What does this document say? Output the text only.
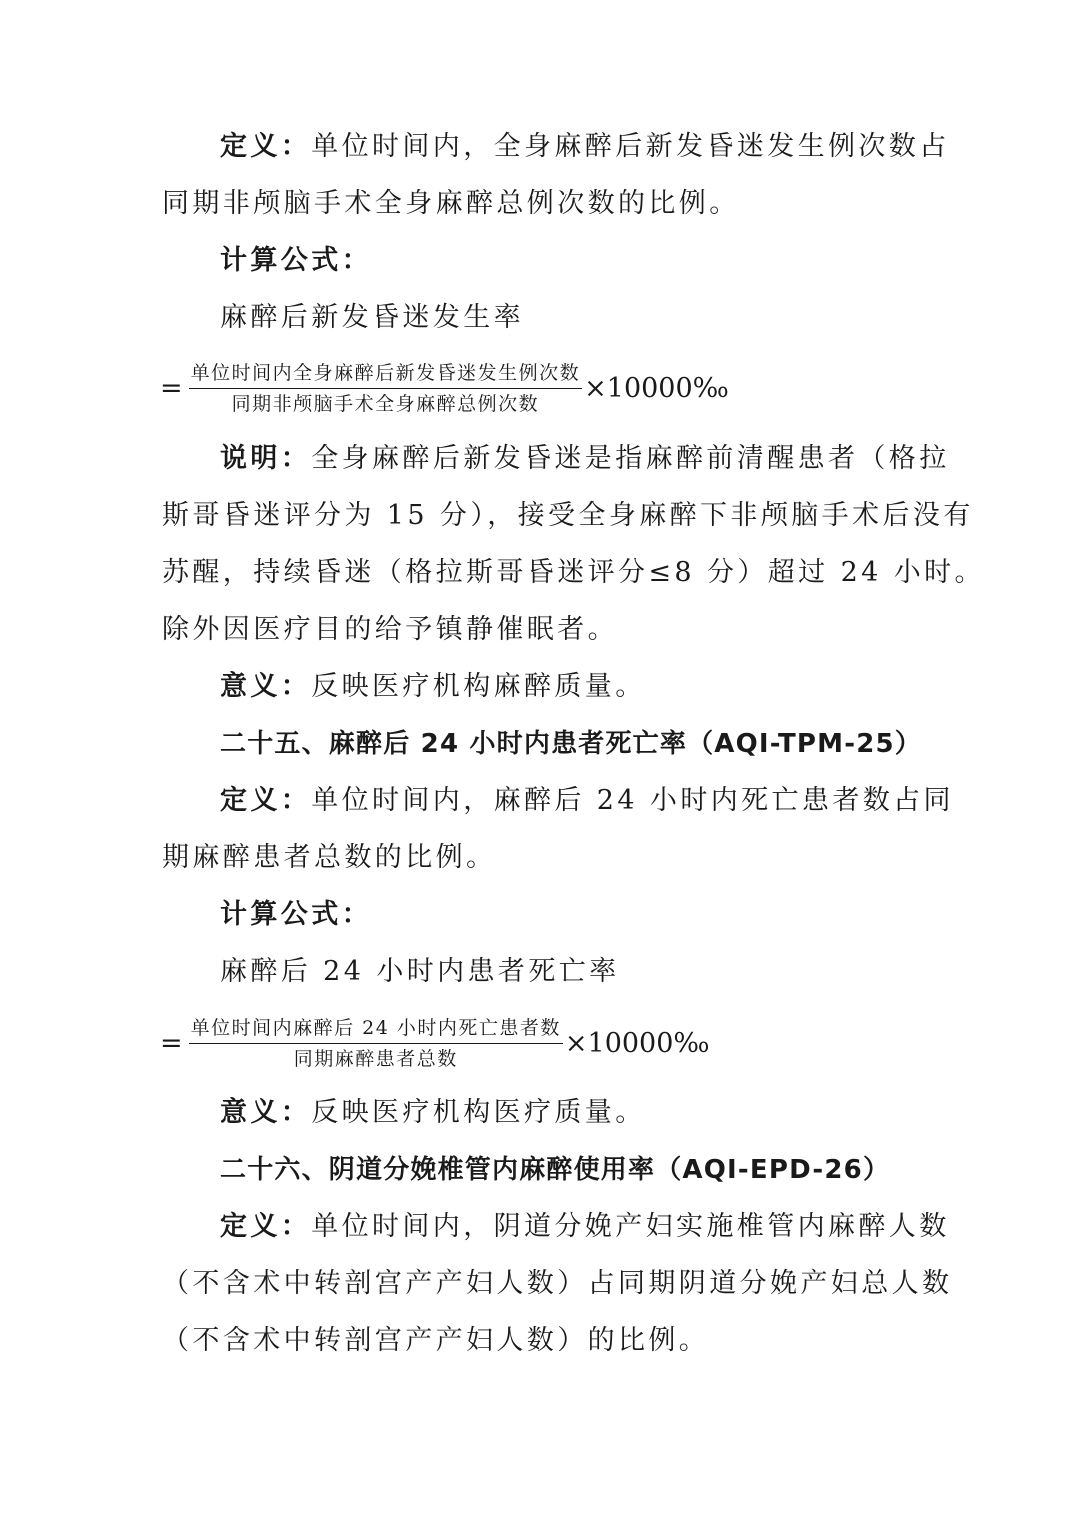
定义：单位时间内，全身麻醉后新发昏迷发生例次数占
同期非颅脑手术全身麻醉总例次数的比例。
计算公式：
麻醉后新发昏迷发生率
= $\frac{\text{单位时间内全身麻醉后新发昏迷发生例次数}}{\text{同期非颅脑手术全身麻醉总例次数}}$ ×10000‰
说明：全身麻醉后新发昏迷是指麻醉前清醒患者（格拉
斯哥昏迷评分为 15 分），接受全身麻醉下非颅脑手术后没有
苏醒，持续昏迷（格拉斯哥昏迷评分≤8 分）超过 24 小时。
除外因医疗目的给予镇静催眠者。
意义：反映医疗机构麻醉质量。
二十五、麻醉后 24 小时内患者死亡率（AQI-TPM-25）
定义：单位时间内，麻醉后 24 小时内死亡患者数占同
期麻醉患者总数的比例。
计算公式：
麻醉后 24 小时内患者死亡率
= $\frac{\text{单位时间内麻醉后 24 小时内死亡患者数}}{\text{同期麻醉患者总数}}$ ×10000‰
意义：反映医疗机构医疗质量。
二十六、阴道分娩椎管内麻醉使用率（AQI-EPD-26）
定义：单位时间内，阴道分娩产妇实施椎管内麻醉人数
（不含术中转剖宫产产妇人数）占同期阴道分娩产妇总人数
（不含术中转剖宫产产妇人数）的比例。
